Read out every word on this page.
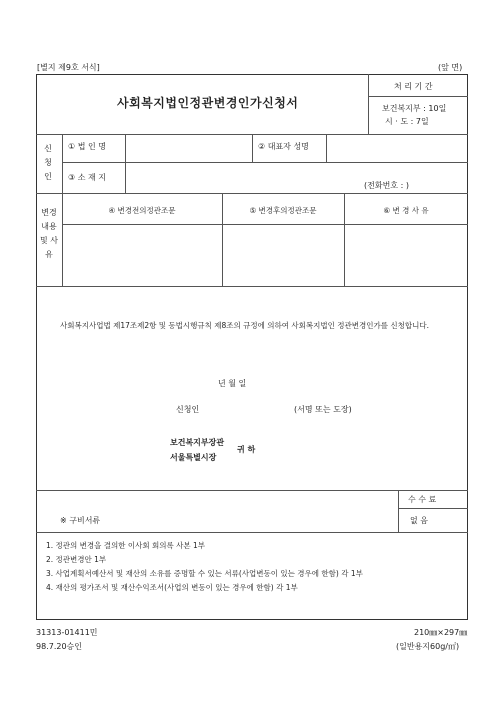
[별지 제9호 서식]	(앞 면)
사회복지법인정관변경인가신청서
처 리 기 간
보건복지부 : 10일
시 · 도 : 7일
신 청 인
① 법 인 명	② 대표자 성명
③ 소 재 지
(전화번호 : )
변경 내용 및 사유
④ 변경전의정관조문	⑤ 변경후의정관조문	⑥ 변 경 사 유
사회복지사업법 제17조제2항 및 동법시행규칙 제8조의 규정에 의하여 사회복지법인 정관변경인가를 신청합니다.
년 월 일
신청인	(서명 또는 도장)
보건복지부장관
서울특별시장
귀 하
수 수 료
없 음
※ 구비서류
1. 정관의 변경을 결의한 이사회 회의록 사본 1부
2. 정관변경안 1부
3. 사업계획서예산서 및 재산의 소유를 증명할 수 있는 서류(사업변동이 있는 경우에 한함) 각 1부
4. 재산의 평가조서 및 재산수익조서(사업의 변동이 있는 경우에 한함) 각 1부
31313-01411민
98.7.20승인
210㎜×297㎜
(일반용지60g/㎡)
